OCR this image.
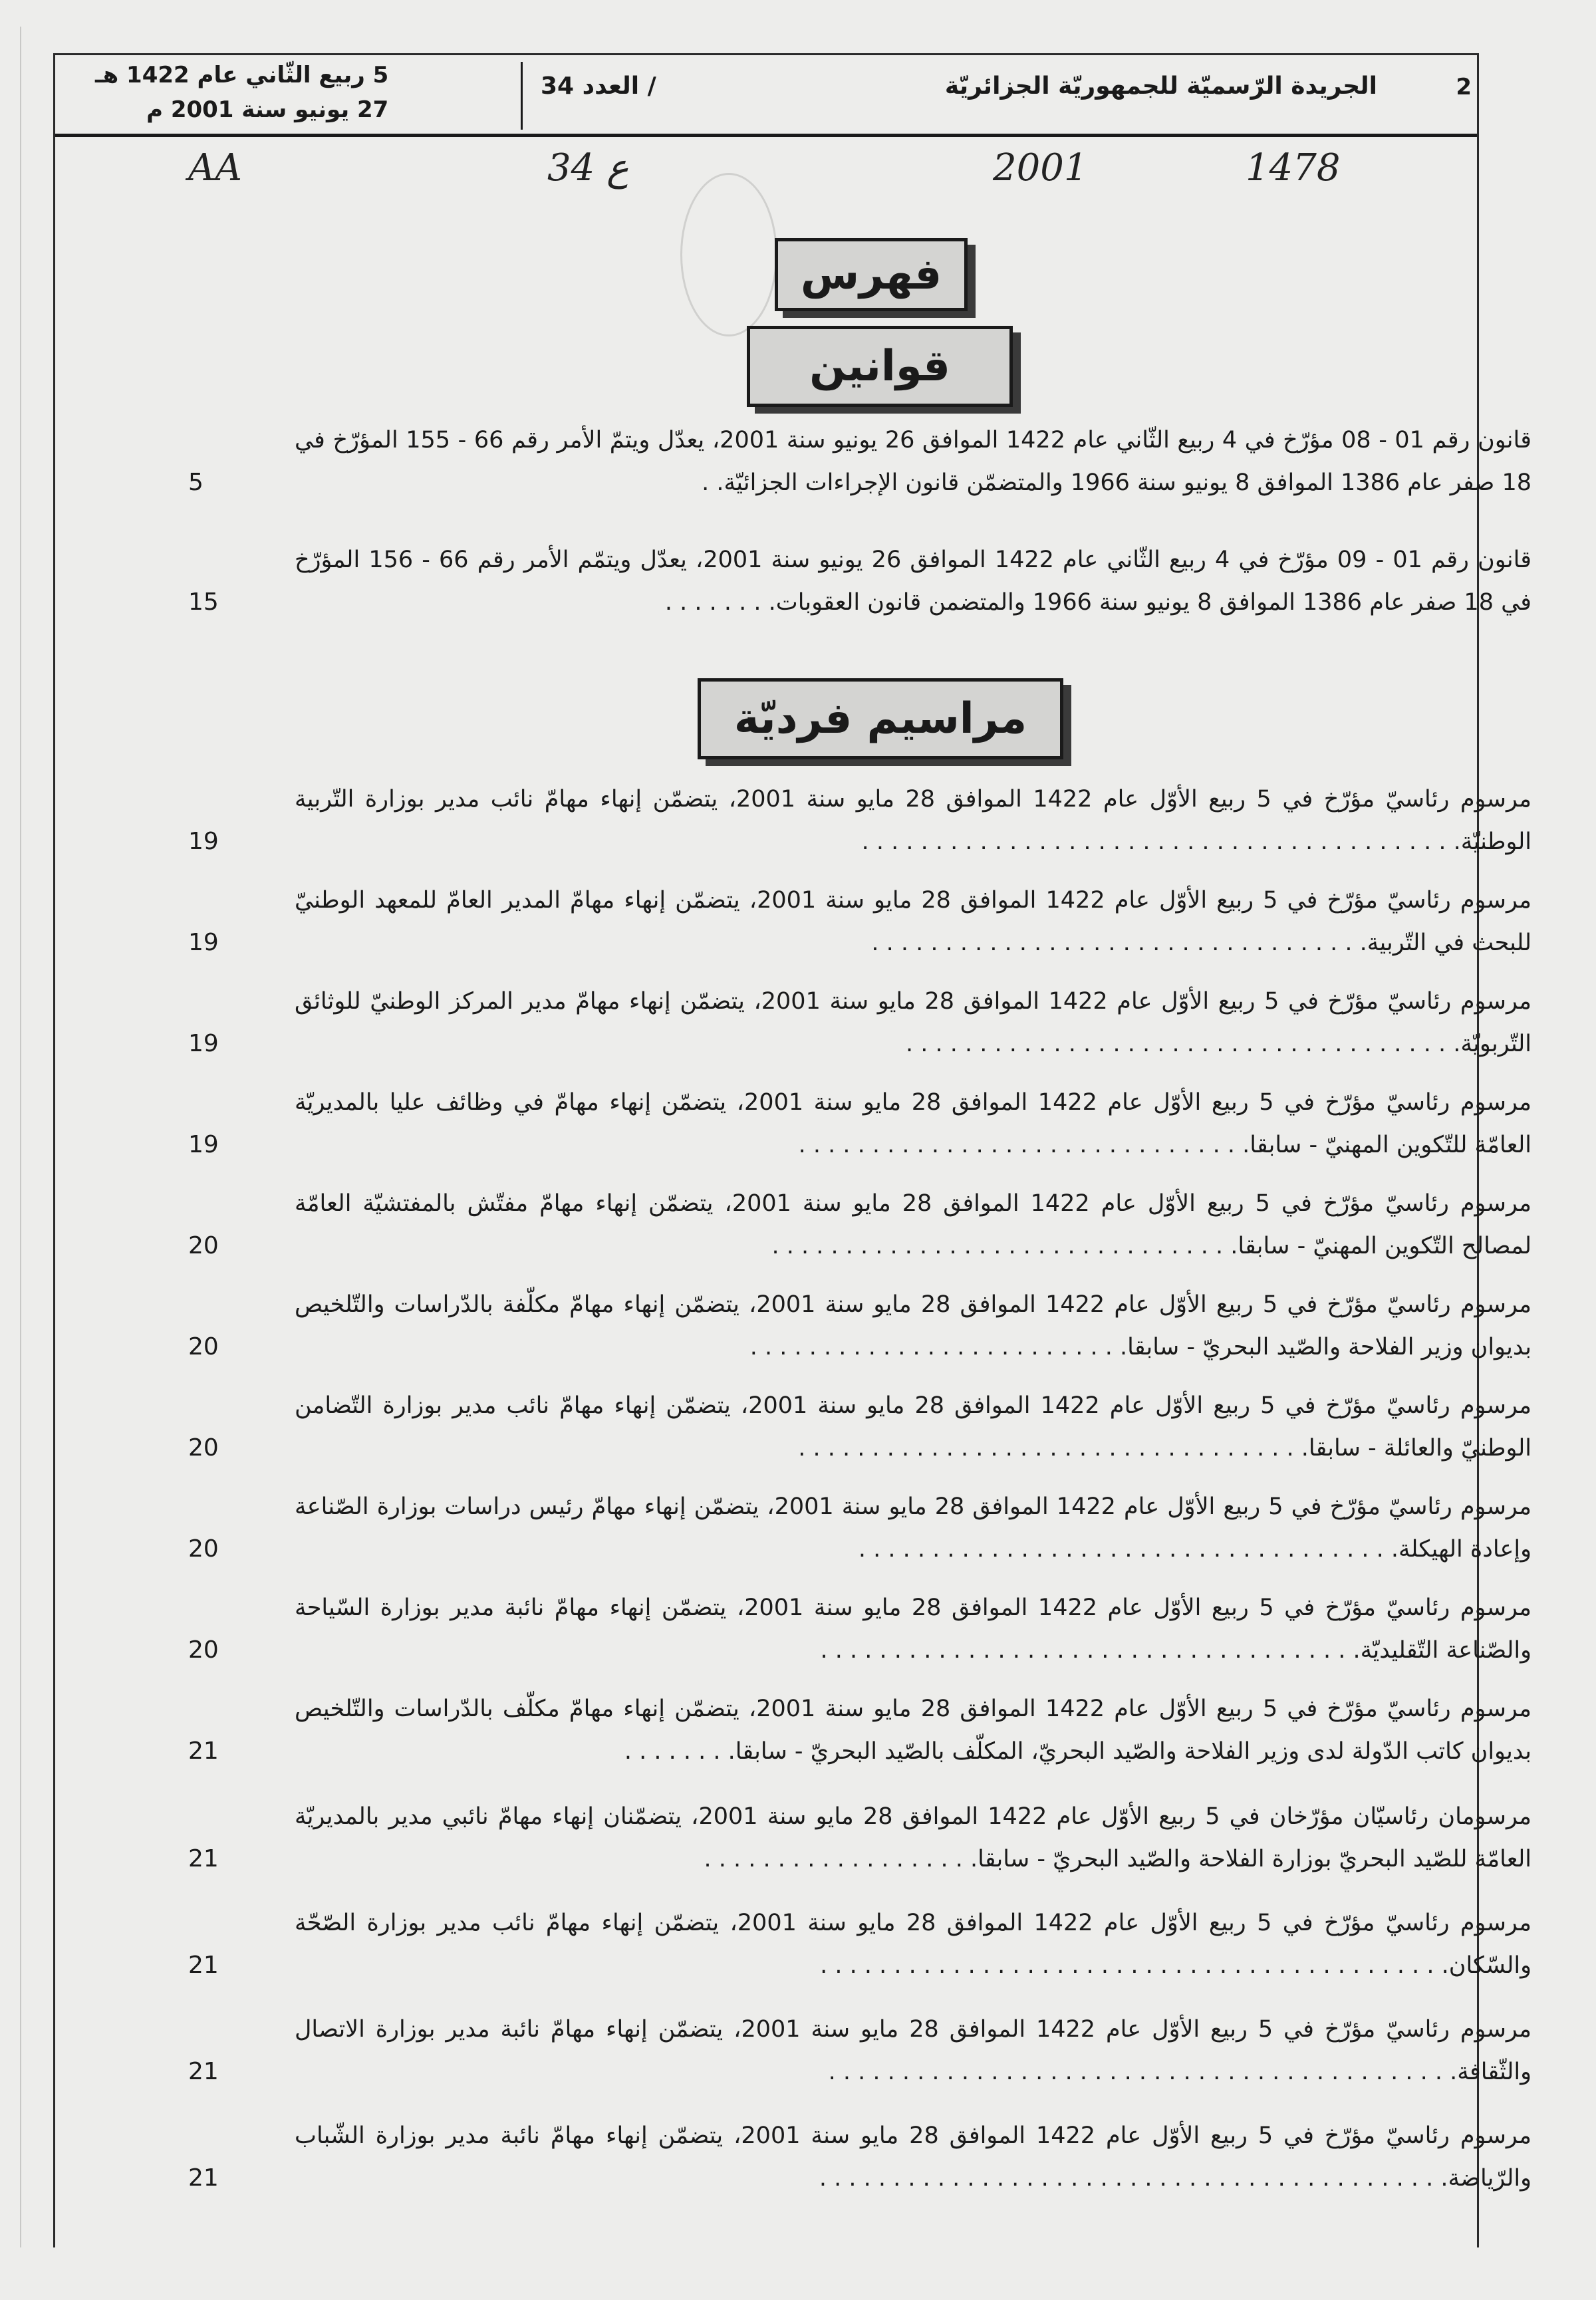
2
الجريدة الرّسميّة للجمهوريّة الجزائريّة
/ العدد 34
5 ربيع الثّاني عام 1422 هـ
27 يونيو سنة 2001 م
AA	34 ع	2001	1478
فهرس
قوانين
قانون رقم 01 - 08 مؤرّخ في 4 ربيع الثّاني عام 1422 الموافق 26 يونيو سنة 2001، يعدّل ويتمّ الأمر رقم 66 - 155 المؤرّخ في 18 صفر عام 1386 الموافق 8 يونيو سنة 1966 والمتضمّن قانون الإجراءات الجزائيّة. .
5
قانون رقم 01 - 09 مؤرّخ في 4 ربيع الثّاني عام 1422 الموافق 26 يونيو سنة 2001، يعدّل ويتمّم الأمر رقم 66 - 156 المؤرّخ في 18 صفر عام 1386 الموافق 8 يونيو سنة 1966 والمتضمن قانون العقوبات. . . . . . . .
15
مراسيم فرديّة
مرسوم رئاسيّ مؤرّخ في 5 ربيع الأوّل عام 1422 الموافق 28 مايو سنة 2001، يتضمّن إنهاء مهامّ نائب مدير بوزارة التّربية الوطنيّة. . . . . . . . . . . . . . . . . . . . . . . . . . . . . . . . . . . . . . . . .
19
مرسوم رئاسيّ مؤرّخ في 5 ربيع الأوّل عام 1422 الموافق 28 مايو سنة 2001، يتضمّن إنهاء مهامّ المدير العامّ للمعهد الوطنيّ للبحث في التّربية. . . . . . . . . . . . . . . . . . . . . . . . . . . . . . . . . .
19
مرسوم رئاسيّ مؤرّخ في 5 ربيع الأوّل عام 1422 الموافق 28 مايو سنة 2001، يتضمّن إنهاء مهامّ مدير المركز الوطنيّ للوثائق التّربويّة. . . . . . . . . . . . . . . . . . . . . . . . . . . . . . . . . . . . . .
19
مرسوم رئاسيّ مؤرّخ في 5 ربيع الأوّل عام 1422 الموافق 28 مايو سنة 2001، يتضمّن إنهاء مهامّ في وظائف عليا بالمديريّة العامّة للتّكوين المهنيّ - سابقا. . . . . . . . . . . . . . . . . . . . . . . . . . . . . . .
19
مرسوم رئاسيّ مؤرّخ في 5 ربيع الأوّل عام 1422 الموافق 28 مايو سنة 2001، يتضمّن إنهاء مهامّ مفتّش بالمفتشيّة العامّة لمصالح التّكوين المهنيّ - سابقا. . . . . . . . . . . . . . . . . . . . . . . . . . . . . . . .
20
مرسوم رئاسيّ مؤرّخ في 5 ربيع الأوّل عام 1422 الموافق 28 مايو سنة 2001، يتضمّن إنهاء مهامّ مكلّفة بالدّراسات والتّلخيص بديوان وزير الفلاحة والصّيد البحريّ - سابقا. . . . . . . . . . . . . . . . . . . . . . . . . .
20
مرسوم رئاسيّ مؤرّخ في 5 ربيع الأوّل عام 1422 الموافق 28 مايو سنة 2001، يتضمّن إنهاء مهامّ نائب مدير بوزارة التّضامن الوطنيّ والعائلة - سابقا. . . . . . . . . . . . . . . . . . . . . . . . . . . . . . . . . . .
20
مرسوم رئاسيّ مؤرّخ في 5 ربيع الأوّل عام 1422 الموافق 28 مايو سنة 2001، يتضمّن إنهاء مهامّ رئيس دراسات بوزارة الصّناعة وإعادة الهيكلة. . . . . . . . . . . . . . . . . . . . . . . . . . . . . . . . . . . . .
20
مرسوم رئاسيّ مؤرّخ في 5 ربيع الأوّل عام 1422 الموافق 28 مايو سنة 2001، يتضمّن إنهاء مهامّ نائبة مدير بوزارة السّياحة والصّناعة التّقليديّة. . . . . . . . . . . . . . . . . . . . . . . . . . . . . . . . . . . . .
20
مرسوم رئاسيّ مؤرّخ في 5 ربيع الأوّل عام 1422 الموافق 28 مايو سنة 2001، يتضمّن إنهاء مهامّ مكلّف بالدّراسات والتّلخيص بديوان كاتب الدّولة لدى وزير الفلاحة والصّيد البحريّ، المكلّف بالصّيد البحريّ - سابقا. . . . . . . .
21
مرسومان رئاسيّان مؤرّخان في 5 ربيع الأوّل عام 1422 الموافق 28 مايو سنة 2001، يتضمّنان إنهاء مهامّ نائبي مدير بالمديريّة العامّة للصّيد البحريّ بوزارة الفلاحة والصّيد البحريّ - سابقا. . . . . . . . . . . . . . . . . . .
21
مرسوم رئاسيّ مؤرّخ في 5 ربيع الأوّل عام 1422 الموافق 28 مايو سنة 2001، يتضمّن إنهاء مهامّ نائب مدير بوزارة الصّحّة والسّكان. . . . . . . . . . . . . . . . . . . . . . . . . . . . . . . . . . . . . . . . . . .
21
مرسوم رئاسيّ مؤرّخ في 5 ربيع الأوّل عام 1422 الموافق 28 مايو سنة 2001، يتضمّن إنهاء مهامّ نائبة مدير بوزارة الاتصال والثّقافة. . . . . . . . . . . . . . . . . . . . . . . . . . . . . . . . . . . . . . . . . . .
21
مرسوم رئاسيّ مؤرّخ في 5 ربيع الأوّل عام 1422 الموافق 28 مايو سنة 2001، يتضمّن إنهاء مهامّ نائبة مدير بوزارة الشّباب والرّياضة. . . . . . . . . . . . . . . . . . . . . . . . . . . . . . . . . . . . . . . . . . .
21
